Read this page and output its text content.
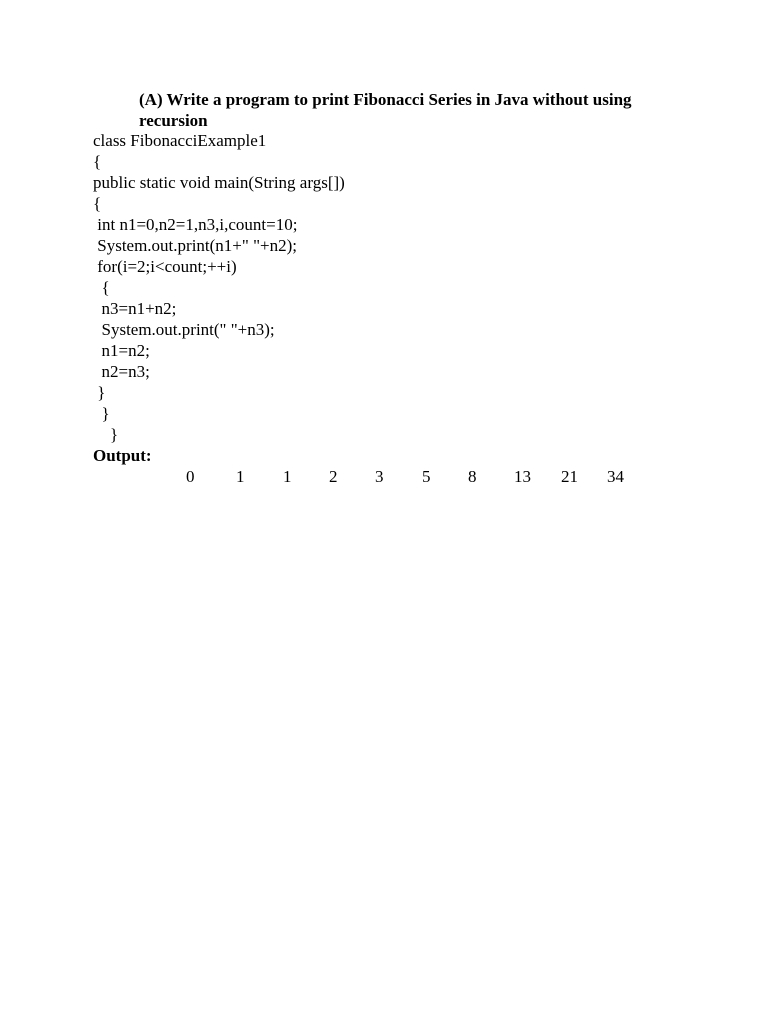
(A) Write a program to print Fibonacci Series in Java without using
recursion
class FibonacciExample1
{
public static void main(String args[])
{
int n1=0,n2=1,n3,i,count=10;
System.out.print(n1+" "+n2);
for(i=2;i<count;++i)
{
n3=n1+n2;
System.out.print(" "+n3);
n1=n2;
n2=n3;
}
}
}
Output:
0 1 1 2 3 5 8 13 21 34
